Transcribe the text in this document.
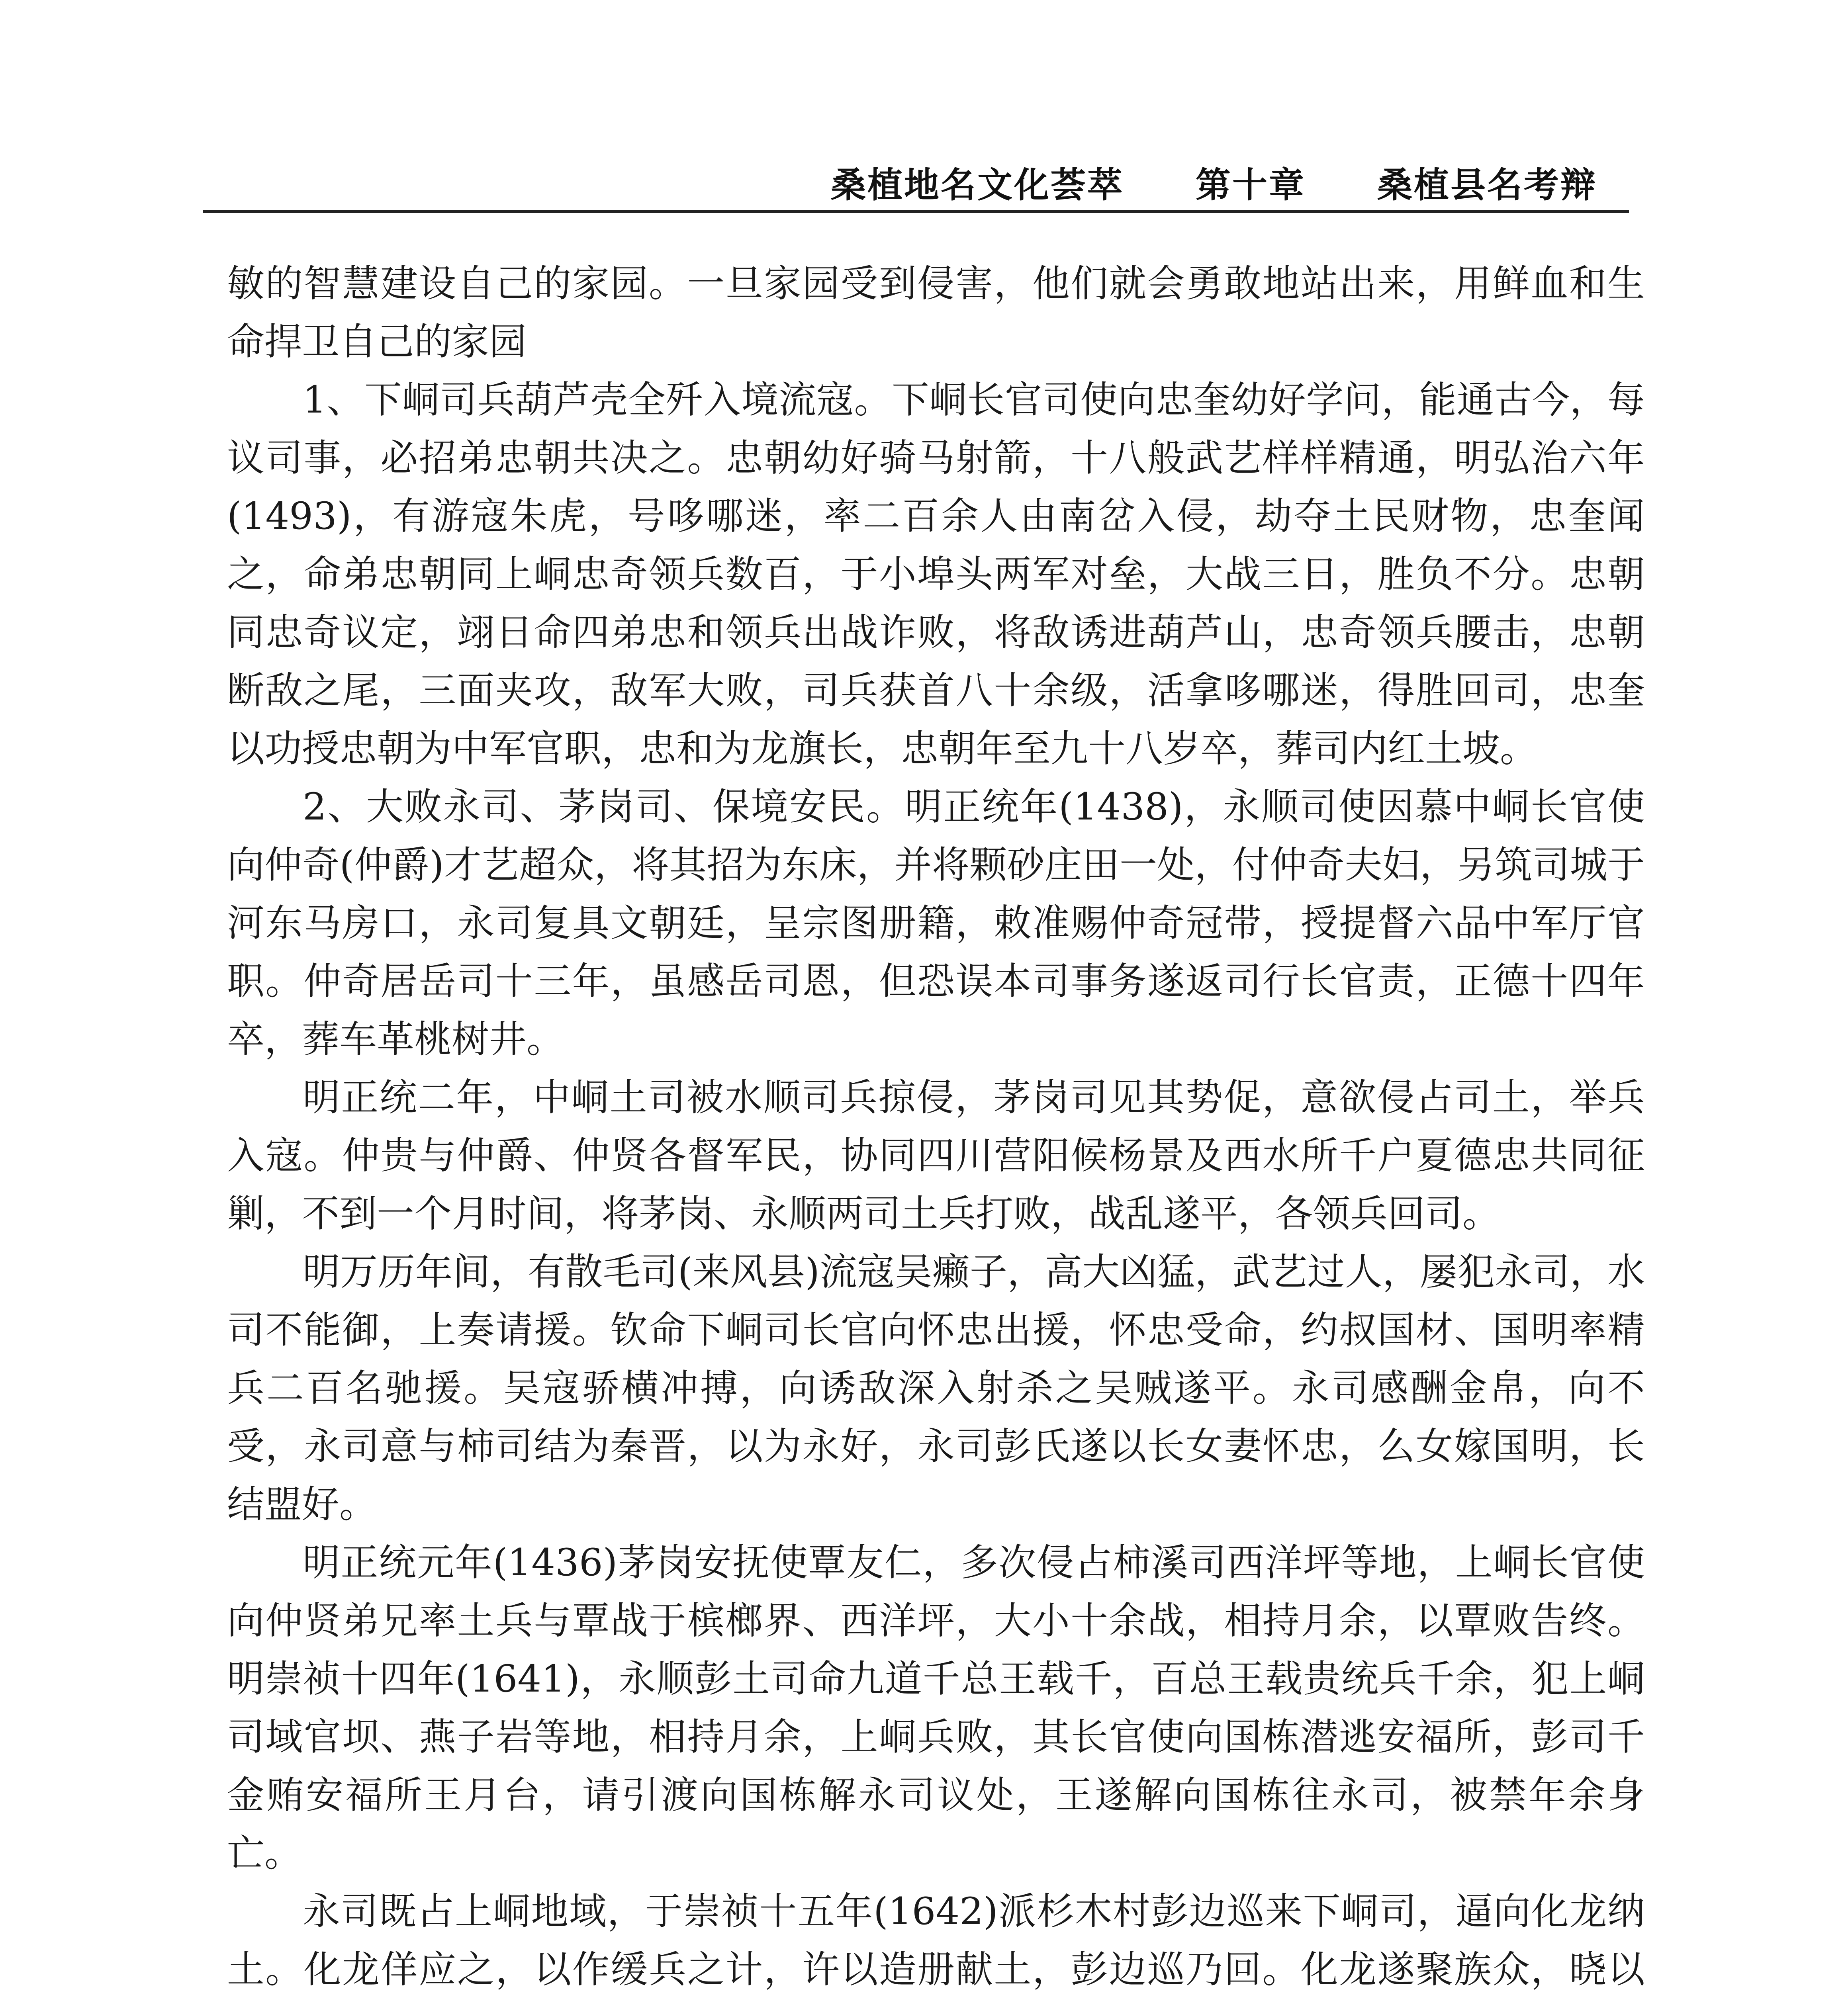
桑植地名文化荟萃 第十章 桑植县名考辩

敏的智慧建设自己的家园。一旦家园受到侵害，他们就会勇敢地站出来，用鲜血和生命捍卫自己的家园

1、下峒司兵葫芦壳全歼入境流寇。下峒长官司使向忠奎幼好学问，能通古今，每议司事，必招弟忠朝共决之。忠朝幼好骑马射箭，十八般武艺样样精通，明弘治六年(1493)，有游寇朱虎，号哆哪迷，率二百余人由南岔入侵，劫夺土民财物，忠奎闻之，命弟忠朝同上峒忠奇领兵数百，于小埠头两军对垒，大战三日，胜负不分。忠朝同忠奇议定，翊日命四弟忠和领兵出战诈败，将敌诱进葫芦山，忠奇领兵腰击，忠朝断敌之尾，三面夹攻，敌军大败，司兵获首八十余级，活拿哆哪迷，得胜回司，忠奎以功授忠朝为中军官职，忠和为龙旗长，忠朝年至九十八岁卒，葬司内红土坡。

2、大败永司、茅岗司、保境安民。明正统年(1438)，永顺司使因慕中峒长官使向仲奇(仲爵)才艺超众，将其招为东床，并将颗砂庄田一处，付仲奇夫妇，另筑司城于河东马房口，永司复具文朝廷，呈宗图册籍，敕准赐仲奇冠带，授提督六品中军厅官职。仲奇居岳司十三年，虽感岳司恩，但恐误本司事务遂返司行长官责，正德十四年卒，葬车革桃树井。

明正统二年，中峒土司被水顺司兵掠侵，茅岗司见其势促，意欲侵占司土，举兵入寇。仲贵与仲爵、仲贤各督军民，协同四川营阳候杨景及西水所千户夏德忠共同征剿，不到一个月时间，将茅岗、永顺两司土兵打败，战乱遂平，各领兵回司。

明万历年间，有散毛司(来风县)流寇吴癞子，高大凶猛，武艺过人，屡犯永司，水司不能御，上奏请援。钦命下峒司长官向怀忠出援，怀忠受命，约叔国材、国明率精兵二百名驰援。吴寇骄横冲搏，向诱敌深入射杀之吴贼遂平。永司感酬金帛，向不受，永司意与柿司结为秦晋，以为永好，永司彭氏遂以长女妻怀忠，么女嫁国明，长结盟好。

明正统元年(1436)茅岗安抚使覃友仁，多次侵占柿溪司西洋坪等地，上峒长官使向仲贤弟兄率土兵与覃战于槟榔界、西洋坪，大小十余战，相持月余，以覃败告终。明崇祯十四年(1641)，永顺彭土司命九道千总王载千，百总王载贵统兵千余，犯上峒司域官坝、燕子岩等地，相持月余，上峒兵败，其长官使向国栋潜逃安福所，彭司千金贿安福所王月台，请引渡向国栋解永司议处，王遂解向国栋往永司，被禁年余身亡。

永司既占上峒地域，于崇祯十五年(1642)派杉木村彭边巡来下峒司，逼向化龙纳土。化龙佯应之，以作缓兵之计，许以造册献土，彭边巡乃回。化龙遂聚族众，晓以
